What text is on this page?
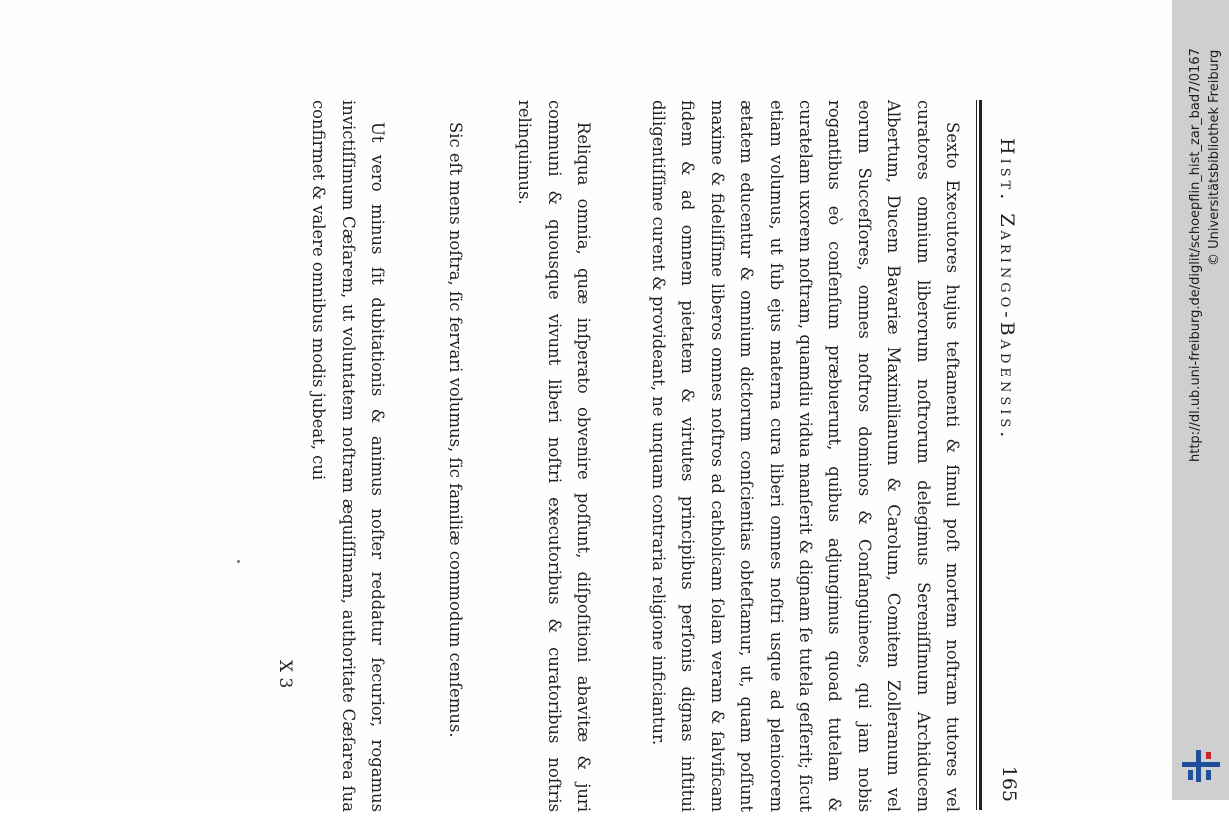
Hist. Zaringo-Badensis.
165

Sexto Executores hujus teſtamenti & ſimul poſt mortem noſtram tutores vel curatores omnium liberorum noſtrorum delegimus Sereniſſimum Archiducem Albertum, Ducem Bavariæ Maximilianum & Carolum, Comitem Zolleranum vel eorum Succeſſores, omnes noſtros dominos & Conſanguineos, qui jam nobis rogantibus eò conſenſum præbuerunt, quibus adjungimus quoad tutelam & curatelam uxorem noſtram, quamdiu vidua manſerit & dignam ſe tutela geſſerit; ſicut etiam volumus, ut ſub ejus materna cura liberi omnes noſtri usque ad plenioorem ætatem educentur & omnium dictorum conſcientias obteſtamur, ut, quam poſſunt maxime & fideliſſime liberos omnes noſtros ad catholicam ſolam veram & ſalvificam fidem & ad omnem pietatem & virtutes principibus perſonis dignas inſtitui diligentiſſime curent & provideant, ne unquam contraria religione inficiantur.

Reliqua omnia, quæ inſperato obvenire poſſunt, diſpoſitioni abavitæ & juri communi & quousque vivunt liberi noſtri executoribus & curatoribus noſtris relinquimus.

Sic eſt mens noſtra, ſic fervari volumus, ſic familiæ commodum cenſemus.

Ut vero minus ſit dubitationis & animus noſter reddatur ſecurior, rogamus invictiſſimum Cæſarem, ut voluntatem noſtram æquiſſimam, authoritate Cæſarea ſua confirmet & valere omnibus modis jubeat, cui

X 3
http://dl.ub.uni-freiburg.de/diglit/schoepflin_hist_zar_bad7/0167 © Universitätsbibliothek Freiburg
